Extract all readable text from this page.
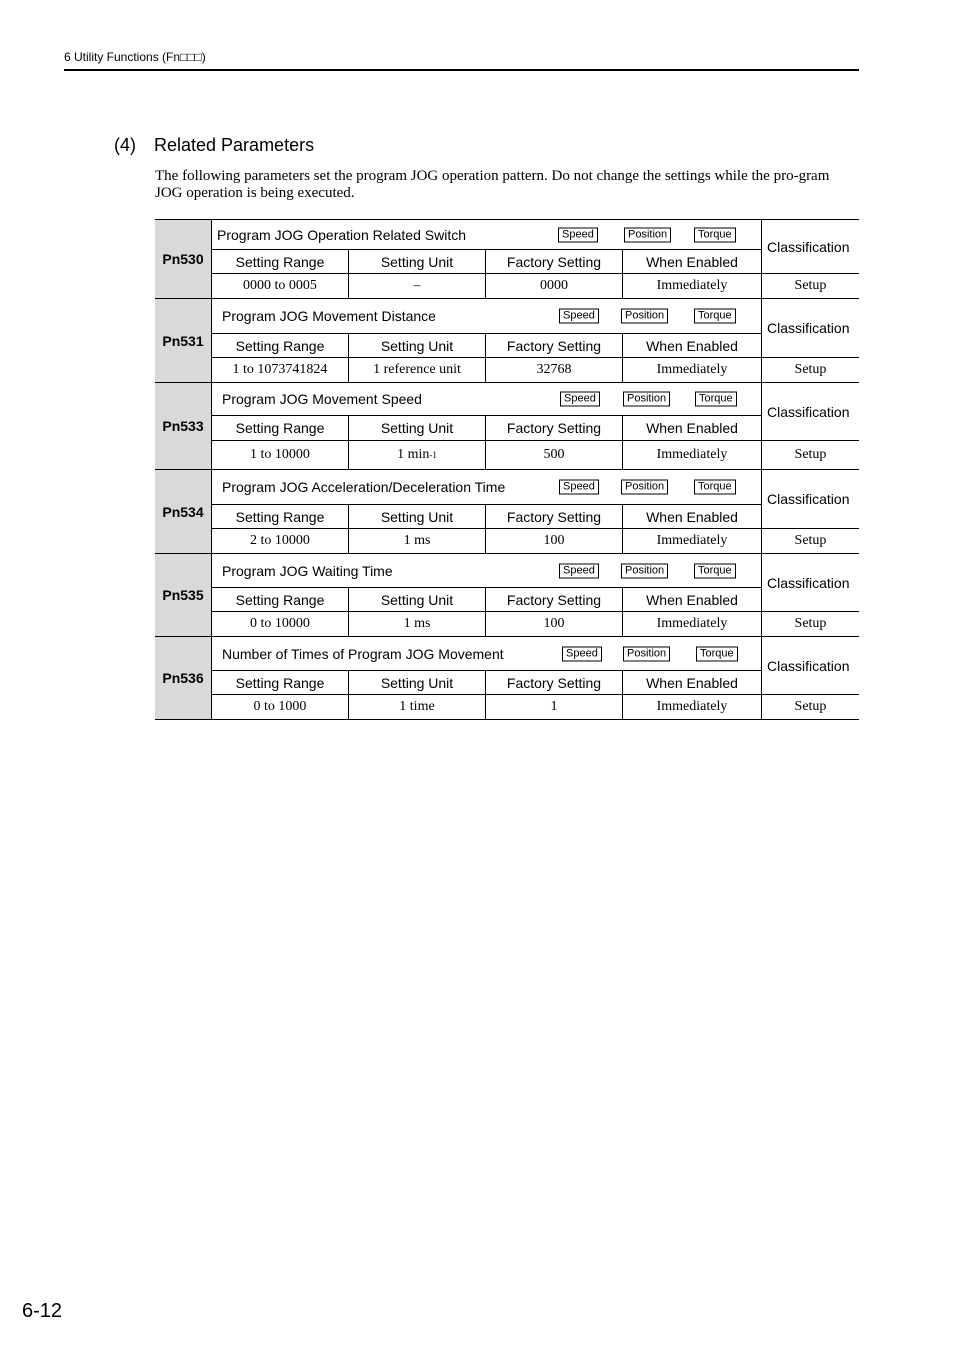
6 Utility Functions (Fn□□□)
(4) Related Parameters

The following parameters set the program JOG operation pattern. Do not change the settings while the pro-gram JOG operation is being executed.

Pn530
Program JOG Operation Related Switch	Speed	Position	Torque
Classification
Setting Range	Setting Unit	Factory Setting	When Enabled
0000 to 0005	–	0000	Immediately	Setup
Pn531
Program JOG Movement Distance	Speed	Position	Torque
Classification
Setting Range	Setting Unit	Factory Setting	When Enabled
1 to 1073741824	1 reference unit	32768	Immediately	Setup
Pn533
Program JOG Movement Speed	Speed	Position	Torque
Classification
Setting Range	Setting Unit	Factory Setting	When Enabled
1 to 10000	1 min -1	500	Immediately	Setup
Pn534
Program JOG Acceleration/Deceleration Time	Speed	Position	Torque
Classification
Setting Range	Setting Unit	Factory Setting	When Enabled
2 to 10000	1 ms	100	Immediately	Setup
Pn535
Program JOG Waiting Time	Speed	Position	Torque
Classification
Setting Range	Setting Unit	Factory Setting	When Enabled
0 to 10000	1 ms	100	Immediately	Setup
Pn536
Number of Times of Program JOG Movement	Speed	Position	Torque
Classification
Setting Range	Setting Unit	Factory Setting	When Enabled
0 to 1000	1 time	1	Immediately	Setup
6-12
